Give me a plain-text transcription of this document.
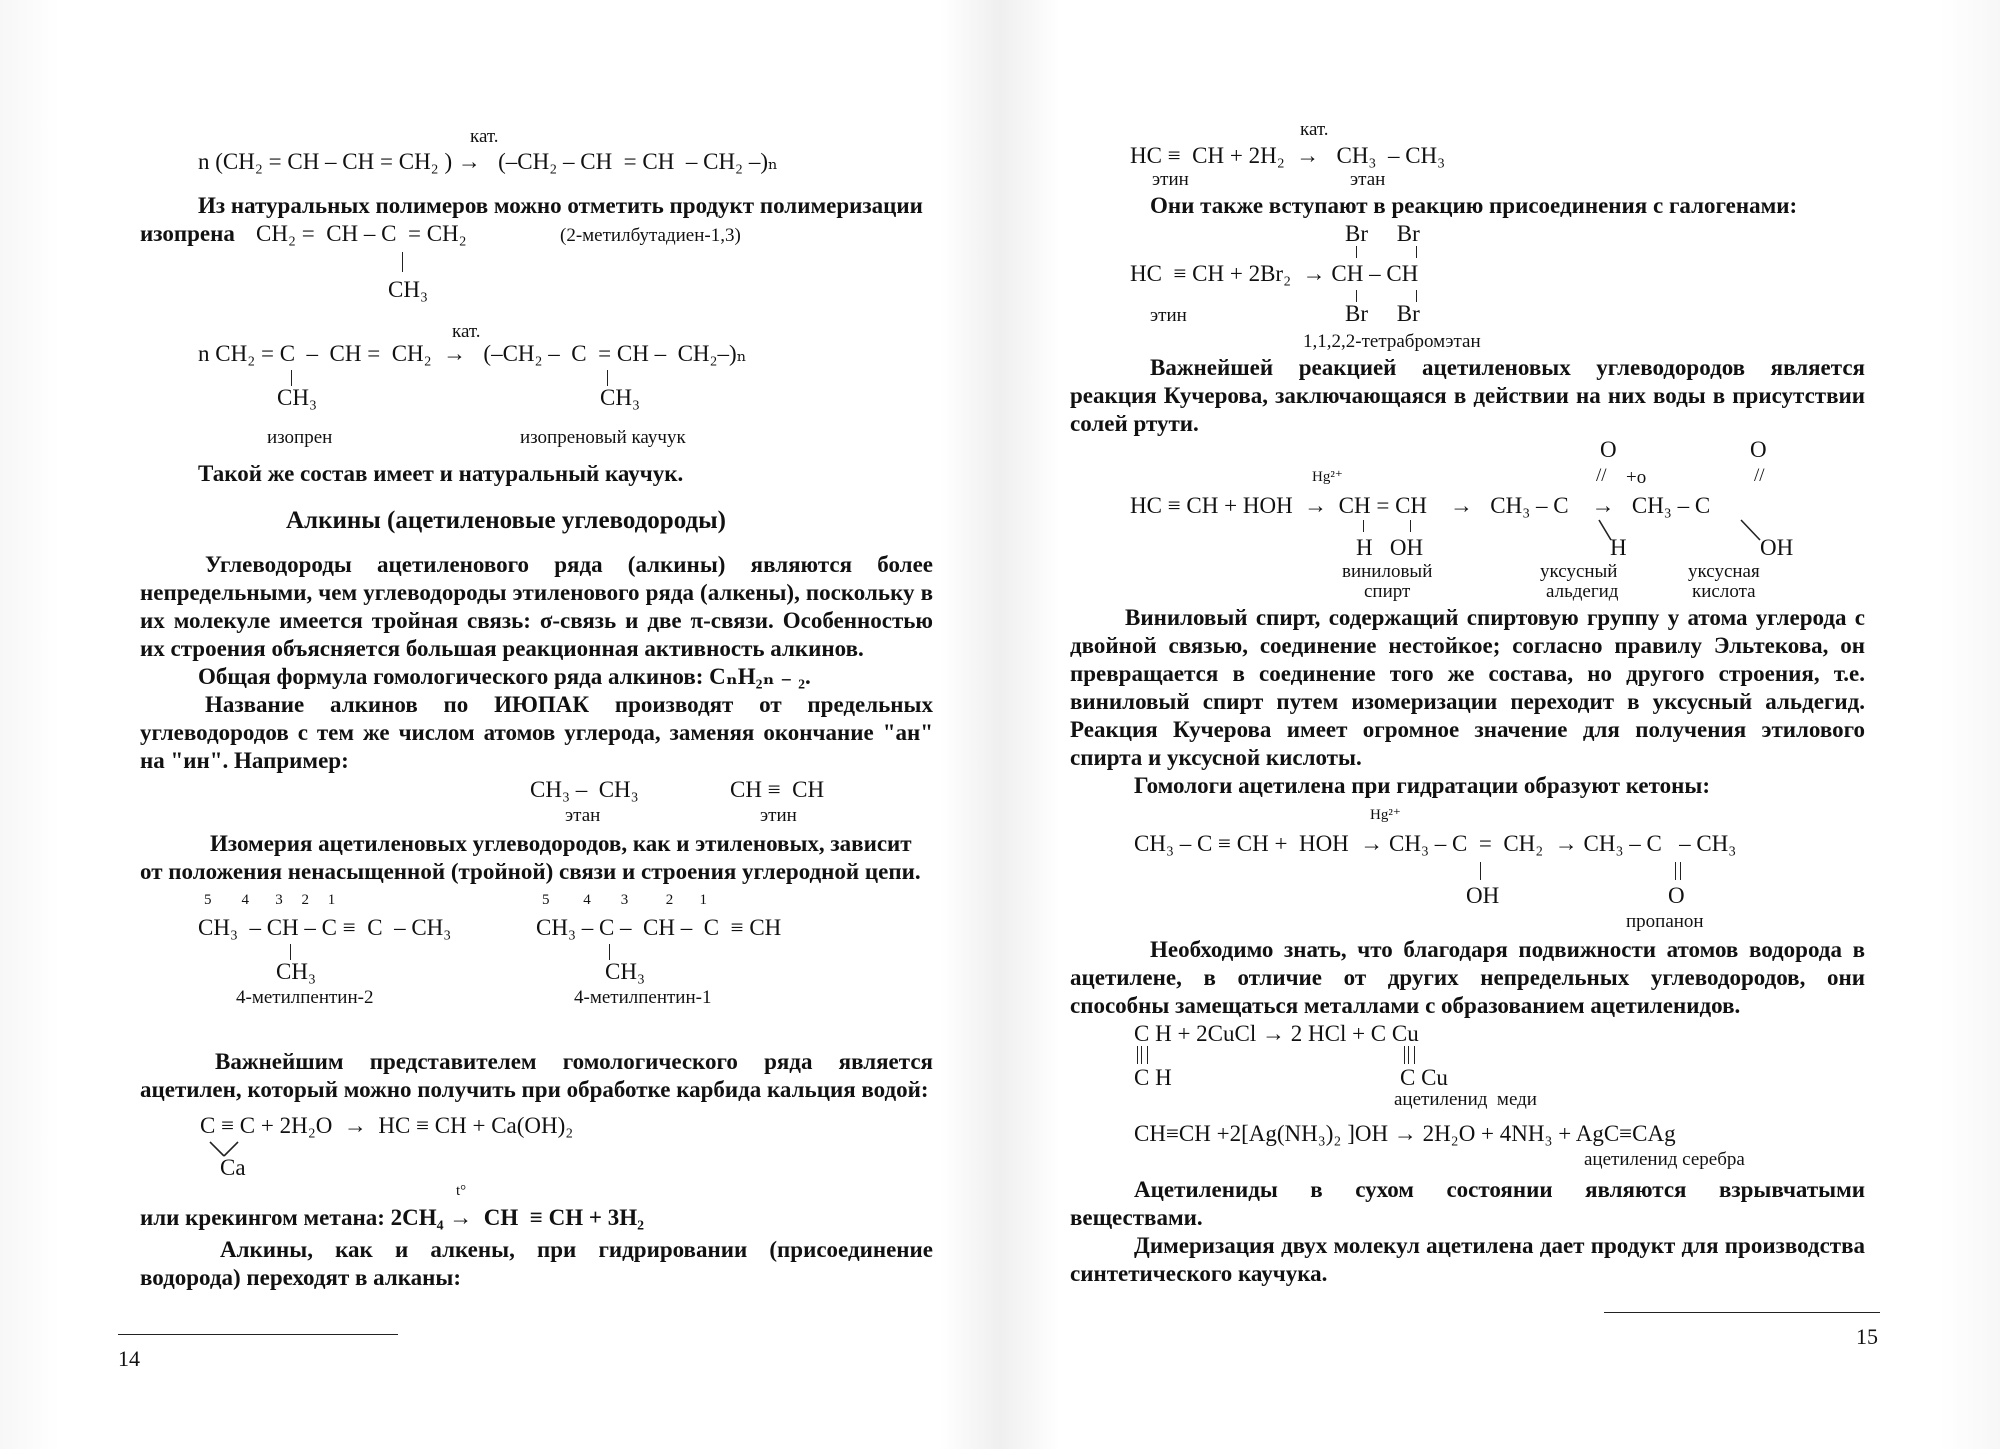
кат.
n (CH₂ = CH – CH = CH₂ ) →   (–CH₂ – CH  = CH  – CH₂ –)ₙ
Из натуральных полимеров можно отметить продукт полимеризации
изопрена CH₂ =  CH – C  = CH₂	(2-метилбутадиен-1,3)
CH₃
кат.
n CH₂ = C  –  CH =  CH₂  →   (–CH₂ –  C  = CH –  CH₂–)ₙ
CH₃	CH₃
изопрен	изопреновый каучук
Такой же состав имеет и натуральный каучук.
Алкины (ацетиленовые углеводороды)
Углеводороды ацетиленового ряда (алкины) являются более
непредельными, чем углеводороды этиленового ряда (алкены), поскольку в
их молекуле имеется тройная связь: σ-связь и две π-связи. Особенностью
их строения объясняется большая реакционная активность алкинов.
Общая формула гомологического ряда алкинов: CₙH₂ₙ ₋ ₂.
Название алкинов по ИЮПАК производят от предельных
углеводородов с тем же числом атомов углерода, заменяя окончание "ан"
на "ин". Например:
CH₃ –  CH₃
этан
CH ≡  CH
этин
Изомерия ацетиленовых углеводородов, как и этиленовых, зависит
от положения ненасыщенной (тройной) связи и строения углеродной цепи.
5        4       3     2     1
CH₃  – CH – C ≡  C  – CH₃
CH₃
4-метилпентин-2
5         4        3          2       1
CH₃ – C –  CH –  C  ≡ CH
CH₃
4-метилпентин-1
Важнейшим представителем гомологического ряда является
ацетилен, который можно получить при обработке карбида кальция водой:
C ≡ C + 2H₂O  →  HC ≡ CH + Ca(OH)₂
Ca
t°
или крекингом метана: 2CH₄ →  CH  ≡ CH + 3H₂
Алкины, как и алкены, при гидрировании (присоединение
водорода) переходят в алканы:
14
кат.
HC ≡  CH + 2H₂  →   CH₃  – CH₃
этин	этан
Они также вступают в реакцию присоединения с галогенами:
Br     Br
HC  ≡ CH + 2Br₂  → CH – CH
этин	Br     Br
1,1,2,2-тетрабромэтан
Важнейшей реакцией ацетиленовых углеводородов является
реакция Кучерова, заключающаяся в действии на них воды в присутствии
солей ртути.
O	O
Hg²⁺	// +o	//
HC ≡ CH + HOH  →  CH = CH    →   CH₃ – C    →   CH₃ – C
H   OH	H	OH
виниловый
спирт
уксусный
альдегид
уксусная
кислота
Виниловый спирт, содержащий спиртовую группу у атома углерода с
двойной связью, соединение нестойкое; согласно правилу Эльтекова, он
превращается в соединение того же состава, но другого строения, т.е.
виниловый спирт путем изомеризации переходит в уксусный альдегид.
Реакция Кучерова имеет огромное значение для получения этилового
спирта и уксусной кислоты.
Гомологи ацетилена при гидратации образуют кетоны:
Hg²⁺
CH₃ – C ≡ CH +  HOH  → CH₃ – C  =  CH₂  → CH₃ – C   – CH₃
OH	O
пропанон
Необходимо знать, что благодаря подвижности атомов водорода в
ацетилене, в отличие от других непредельных углеводородов, они
способны замещаться металлами с образованием ацетиленидов.
C H + 2CuCl → 2 HCl + C Cu
C H	C Cu
ацетиленид  меди
CH≡CH +2[Ag(NH₃)₂ ]OH → 2H₂O + 4NH₃ + AgC≡CAg
ацетиленид серебра
Ацетилениды в сухом состоянии являются взрывчатыми
веществами.
Димеризация двух молекул ацетилена дает продукт для производства
синтетического каучука.
15
